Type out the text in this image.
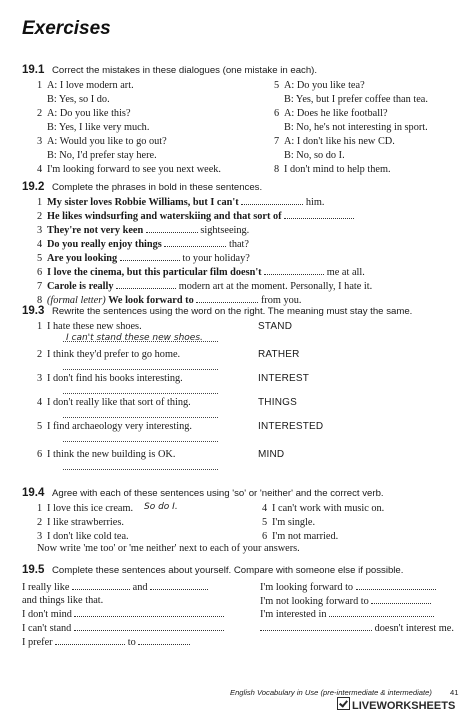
Exercises
19.1 Correct the mistakes in these dialogues (one mistake in each).
1 A: I love modern art.
B: Yes, so I do.
2 A: Do you like this?
B: Yes, I like very much.
3 A: Would you like to go out?
B: No, I'd prefer stay here.
4 I'm looking forward to see you next week.
5 A: Do you like tea?
B: Yes, but I prefer coffee than tea.
6 A: Does he like football?
B: No, he's not interesting in sport.
7 A: I don't like his new CD.
B: No, so do I.
8 I don't mind to help them.
19.2 Complete the phrases in bold in these sentences.
1 My sister loves Robbie Williams, but I can't	him.
2 He likes windsurfing and waterskiing and that sort of
3 They're not very keen	sightseeing.
4 Do you really enjoy things	that?
5 Are you looking	to your holiday?
6 I love the cinema, but this particular film doesn't	me at all.
7 Carole is really	modern art at the moment. Personally, I hate it.
8 (formal letter) We look forward to	from you.
19.3 Rewrite the sentences using the word on the right. The meaning must stay the same.
I can't stand these new shoes.
1 I hate these new shoes.	STAND
2 I think they'd prefer to go home.	RATHER
3 I don't find his books interesting.	INTEREST
4 I don't really like that sort of thing.	THINGS
5 I find archaeology very interesting.	INTERESTED
6 I think the new building is OK.	MIND
19.4 Agree with each of these sentences using 'so' or 'neither' and the correct verb.
1 I love this ice cream.
2 I like strawberries.
3 I don't like cold tea.
4 I can't work with music on.
5 I'm single.
6 I'm not married.
So do I.
Now write 'me too' or 'me neither' next to each of your answers.
19.5 Complete these sentences about yourself. Compare with someone else if possible.
I really like	and
and things like that.
I don't mind
I can't stand
I prefer	to
I'm looking forward to
I'm not looking forward to
I'm interested in
doesn't interest me.
English Vocabulary in Use (pre-intermediate & intermediate) 41
LIVEWORKSHEETS
